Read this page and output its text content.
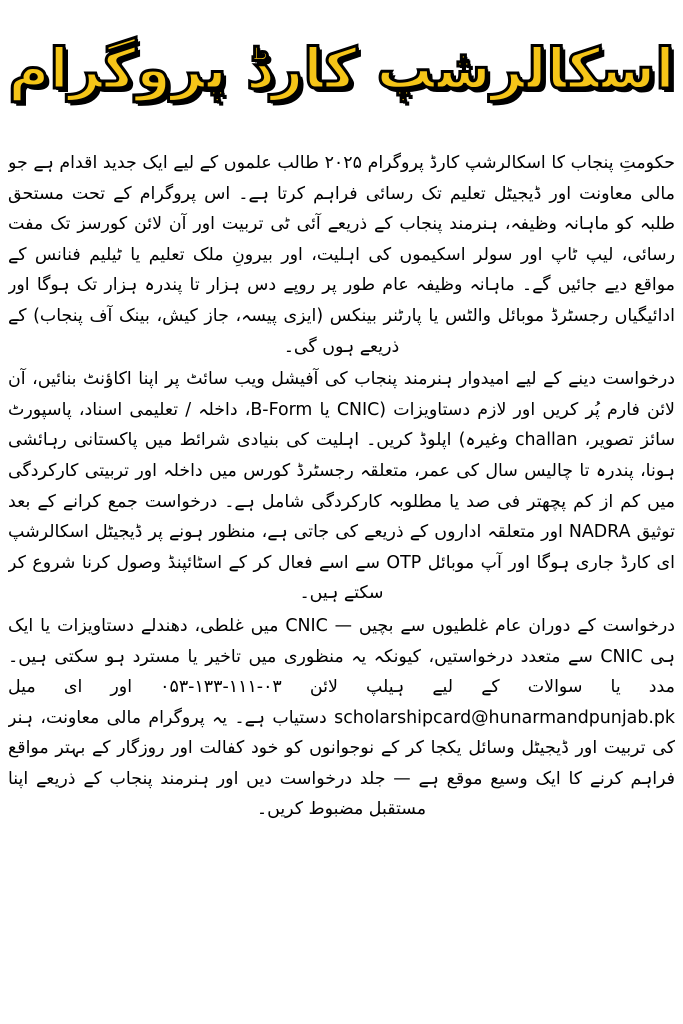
اسکالرشپ کارڈ پروگرام

حکومتِ پنجاب کا اسکالرشپ کارڈ پروگرام ۲۰۲۵ طالب علموں کے لیے ایک جدید اقدام ہے جو مالی معاونت اور ڈیجیٹل تعلیم تک رسائی فراہم کرتا ہے۔ اس پروگرام کے تحت مستحق طلبہ کو ماہانہ وظیفہ، ہنرمند پنجاب کے ذریعے آئی ٹی تربیت اور آن لائن کورسز تک مفت رسائی، لیپ ٹاپ اور سولر اسکیموں کی اہلیت، اور بیرونِ ملک تعلیم یا ٹیلیم فنانس کے مواقع دیے جائیں گے۔ ماہانہ وظیفہ عام طور پر روپے دس ہزار تا پندرہ ہزار تک ہوگا اور ادائیگیاں رجسٹرڈ موبائل والٹس یا پارٹنر بینکس (ایزی پیسہ، جاز کیش، بینک آف پنجاب) کے ذریعے ہوں گی۔

درخواست دینے کے لیے امیدوار ہنرمند پنجاب کی آفیشل ویب سائٹ پر اپنا اکاؤنٹ بنائیں، آن لائن فارم پُر کریں اور لازم دستاویزات (CNIC یا B-Form، داخلہ / تعلیمی اسناد، پاسپورٹ سائز تصویر، challan وغیرہ) اپلوڈ کریں۔ اہلیت کی بنیادی شرائط میں پاکستانی رہائشی ہونا، پندرہ تا چالیس سال کی عمر، متعلقہ رجسٹرڈ کورس میں داخلہ اور تربیتی کارکردگی میں کم از کم پچھتر فی صد یا مطلوبہ کارکردگی شامل ہے۔ درخواست جمع کرانے کے بعد توثیق NADRA اور متعلقہ اداروں کے ذریعے کی جاتی ہے، منظور ہونے پر ڈیجیٹل اسکالرشپ ای کارڈ جاری ہوگا اور آپ موبائل OTP سے اسے فعال کر کے اسٹائپنڈ وصول کرنا شروع کر سکتے ہیں۔

درخواست کے دوران عام غلطیوں سے بچیں — CNIC میں غلطی، دھندلے دستاویزات یا ایک ہی CNIC سے متعدد درخواستیں، کیونکہ یہ منظوری میں تاخیر یا مسترد ہو سکتی ہیں۔ مدد یا سوالات کے لیے ہیلپ لائن ۰۳-۱۱۱-۱۳۳-۰۵۳ اور ای میل scholarshipcard@hunarmandpunjab.pk دستیاب ہے۔ یہ پروگرام مالی معاونت، ہنر کی تربیت اور ڈیجیٹل وسائل یکجا کر کے نوجوانوں کو خود کفالت اور روزگار کے بہتر مواقع فراہم کرنے کا ایک وسیع موقع ہے — جلد درخواست دیں اور ہنرمند پنجاب کے ذریعے اپنا مستقبل مضبوط کریں۔
